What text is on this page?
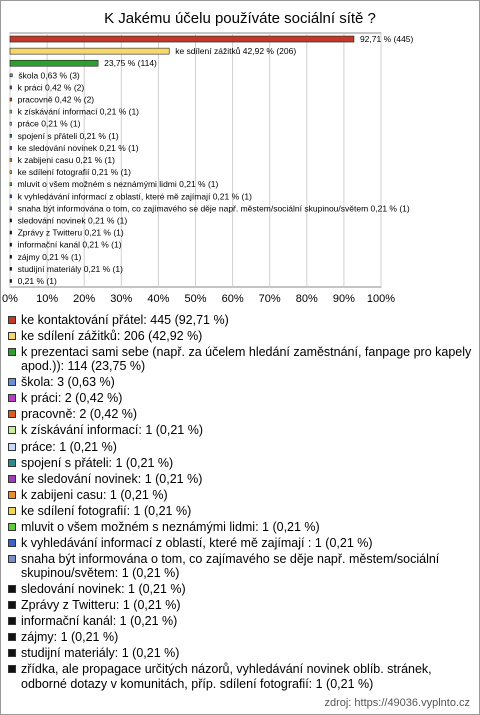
K Jakému účelu používáte sociální sítě ?
0% 10% 20% 30% 40% 50% 60% 70% 80% 90% 100%
92,71 % (445)
ke sdílení zážitků 42,92 % (206)
23,75 % (114)
škola 0,63 % (3)
k práci 0,42 % (2)
pracovně 0,42 % (2)
k získávání informací 0,21 % (1)
práce 0,21 % (1)
spojení s přáteli 0,21 % (1)
ke sledování novinek 0,21 % (1)
k zabijeni casu 0,21 % (1)
ke sdílení fotografií 0,21 % (1)
mluvit o všem možném s neznámými lidmi 0,21 % (1)
k vyhledávání informací z oblastí, které mě zajímají 0,21 % (1)
snaha být informována o tom, co zajímavého se děje např. městem/sociální skupinou/světem 0,21 % (1)
sledování novinek 0,21 % (1)
Zprávy z Twitteru 0,21 % (1)
informační kanál 0,21 % (1)
zájmy 0,21 % (1)
studijní materiály 0,21 % (1)
0,21 % (1)
ke kontaktování přátel: 445 (92,71 %)
ke sdílení zážitků: 206 (42,92 %)
k prezentaci sami sebe (např. za účelem hledání zaměstnání, fanpage pro kapely apod.)): 114 (23,75 %)
škola: 3 (0,63 %)
k práci: 2 (0,42 %)
pracovně: 2 (0,42 %)
k získávání informací: 1 (0,21 %)
práce: 1 (0,21 %)
spojení s přáteli: 1 (0,21 %)
ke sledování novinek: 1 (0,21 %)
k zabijeni casu: 1 (0,21 %)
ke sdílení fotografií: 1 (0,21 %)
mluvit o všem možném s neznámými lidmi: 1 (0,21 %)
k vyhledávání informací z oblastí, které mě zajímají : 1 (0,21 %)
snaha být informována o tom, co zajímavého se děje např. městem/sociální skupinou/světem: 1 (0,21 %)
sledování novinek: 1 (0,21 %)
Zprávy z Twitteru: 1 (0,21 %)
informační kanál: 1 (0,21 %)
zájmy: 1 (0,21 %)
studijní materiály: 1 (0,21 %)
zřídka, ale propagace určitých názorů, vyhledávání novinek oblíb. stránek, odborné dotazy v komunitách, příp. sdílení fotografií: 1 (0,21 %)
zdroj: https://49036.vyplnto.cz
